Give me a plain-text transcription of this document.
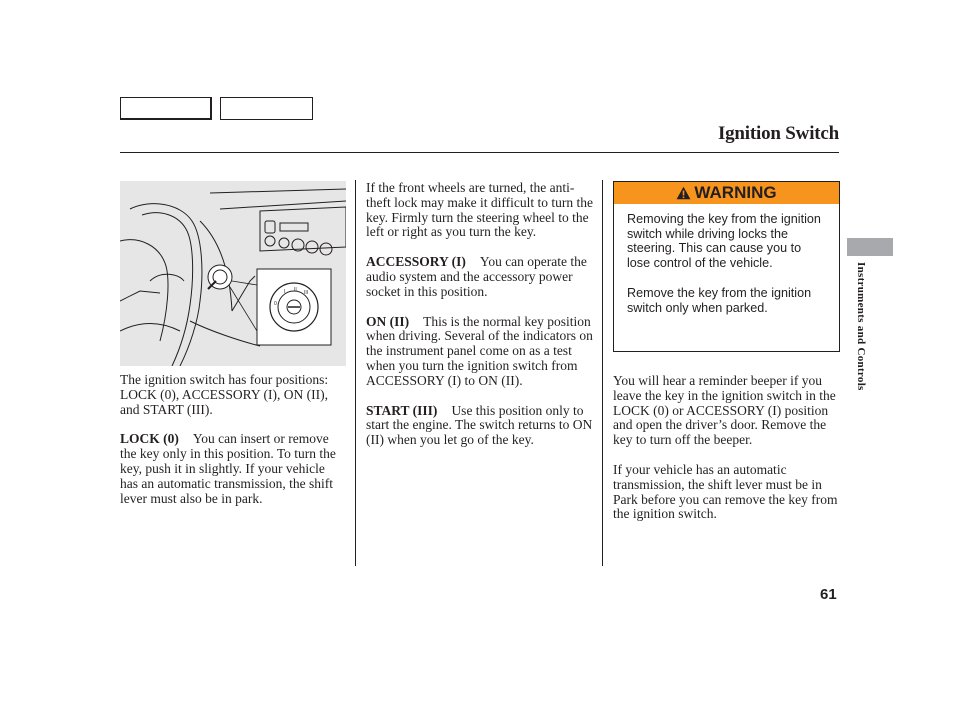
Ignition Switch
0
I II III

The ignition switch has four positions: LOCK (0), ACCESSORY (I), ON (II), and START (III).

LOCK (0) You can insert or remove the key only in this position. To turn the key, push it in slightly. If your vehicle has an automatic transmission, the shift lever must also be in park.

If the front wheels are turned, the anti-theft lock may make it difficult to turn the key. Firmly turn the steering wheel to the left or right as you turn the key.

ACCESSORY (I) You can operate the audio system and the accessory power socket in this position.

ON (II) This is the normal key position when driving. Several of the indicators on the instrument panel come on as a test when you turn the ignition switch from ACCESSORY (I) to ON (II).

START (III) Use this position only to start the engine. The switch returns to ON (II) when you let go of the key.

WARNING

Removing the key from the ignition switch while driving locks the steering. This can cause you to lose control of the vehicle.

Remove the key from the ignition switch only when parked.

You will hear a reminder beeper if you leave the key in the ignition switch in the LOCK (0) or ACCESSORY (I) position and open the driver’s door. Remove the key to turn off the beeper.

If your vehicle has an automatic transmission, the shift lever must be in Park before you can remove the key from the ignition switch.

Instruments and Controls
61
